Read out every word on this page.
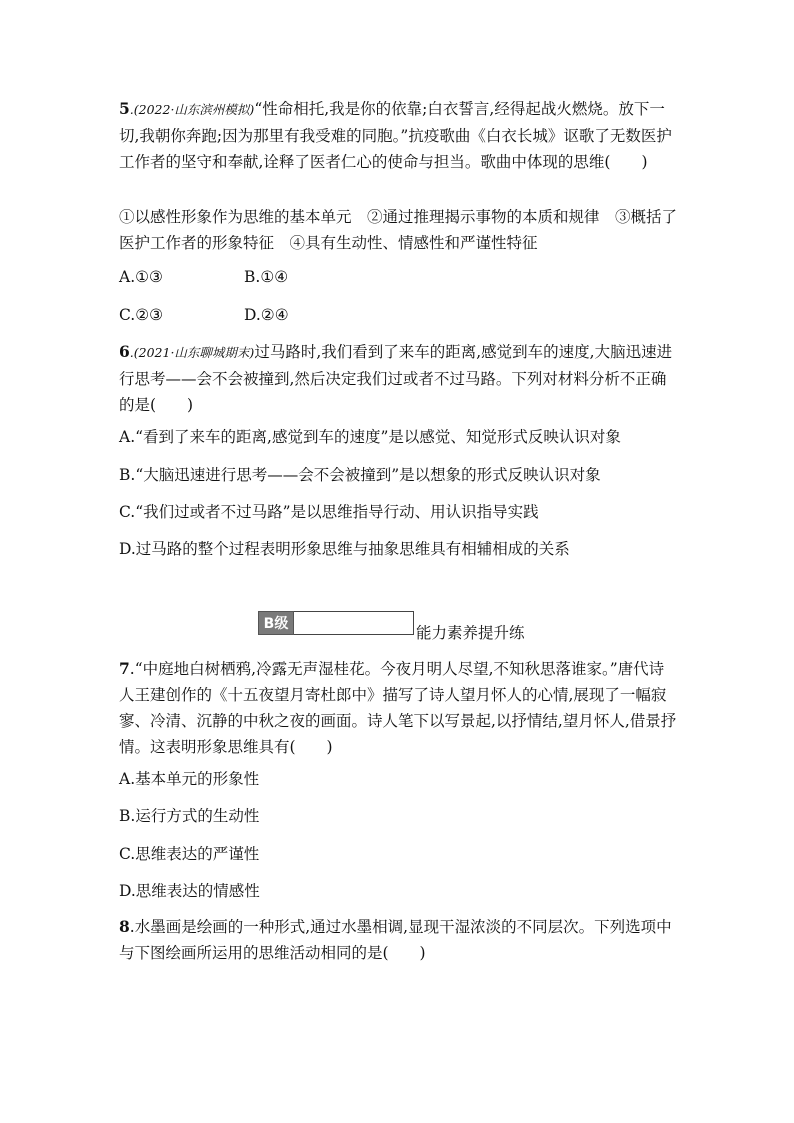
5.(2022·山东滨州模拟)“性命相托,我是你的依靠;白衣誓言,经得起战火燃烧。放下一切,我朝你奔跑;因为那里有我受难的同胞。”抗疫歌曲《白衣长城》讴歌了无数医护工作者的坚守和奉献,诠释了医者仁心的使命与担当。歌曲中体现的思维(　　)

①以感性形象作为思维的基本单元　②通过推理揭示事物的本质和规律　③概括了医护工作者的形象特征　④具有生动性、情感性和严谨性特征

A.①③	B.①④

C.②③	D.②④

6.(2021·山东聊城期末)过马路时,我们看到了来车的距离,感觉到车的速度,大脑迅速进行思考——会不会被撞到,然后决定我们过或者不过马路。下列对材料分析不正确的是(　　)

A.“看到了来车的距离,感觉到车的速度”是以感觉、知觉形式反映认识对象

B.“大脑迅速进行思考——会不会被撞到”是以想象的形式反映认识对象

C.“我们过或者不过马路”是以思维指导行动、用认识指导实践

D.过马路的整个过程表明形象思维与抽象思维具有相辅相成的关系

B级	能力素养提升练

7.“中庭地白树栖鸦,冷露无声湿桂花。今夜月明人尽望,不知秋思落谁家。”唐代诗人王建创作的《十五夜望月寄杜郎中》描写了诗人望月怀人的心情,展现了一幅寂寥、冷清、沉静的中秋之夜的画面。诗人笔下以写景起,以抒情结,望月怀人,借景抒情。这表明形象思维具有(　　)

A.基本单元的形象性

B.运行方式的生动性

C.思维表达的严谨性

D.思维表达的情感性

8.水墨画是绘画的一种形式,通过水墨相调,显现干湿浓淡的不同层次。下列选项中与下图绘画所运用的思维活动相同的是(　　)
